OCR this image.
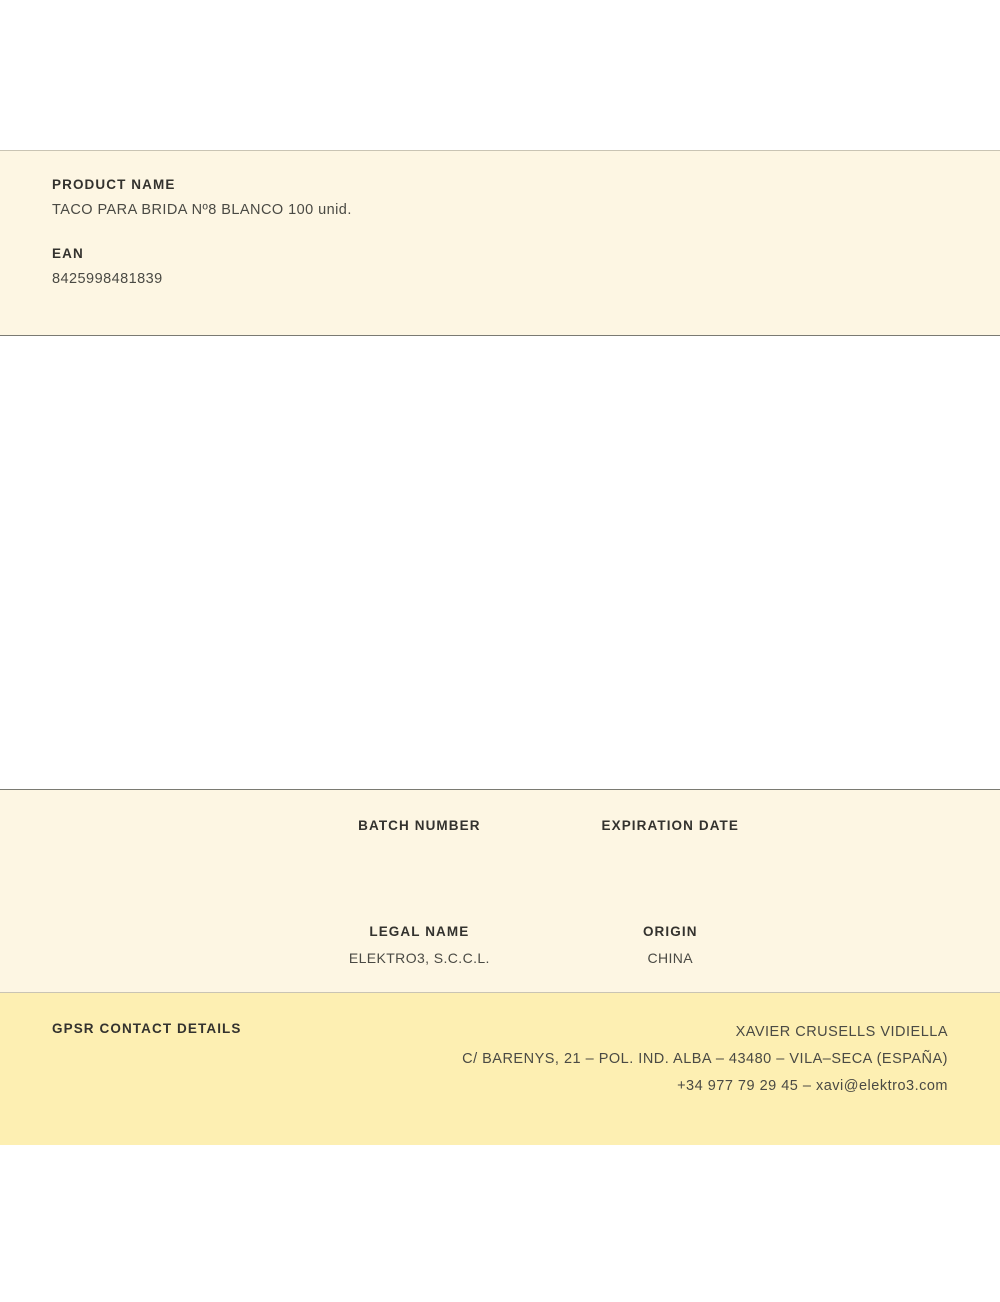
PRODUCT NAME
TACO PARA BRIDA Nº8 BLANCO 100 unid.
EAN
8425998481839
BATCH NUMBER	EXPIRATION DATE
LEGAL NAME
ELEKTRO3, S.C.C.L.
ORIGIN
CHINA
GPSR CONTACT DETAILS	XAVIER CRUSELLS VIDIELLA
C/ BARENYS, 21 – POL. IND. ALBA – 43480 – VILA–SECA (ESPAÑA)
+34 977 79 29 45 – xavi@elektro3.com
